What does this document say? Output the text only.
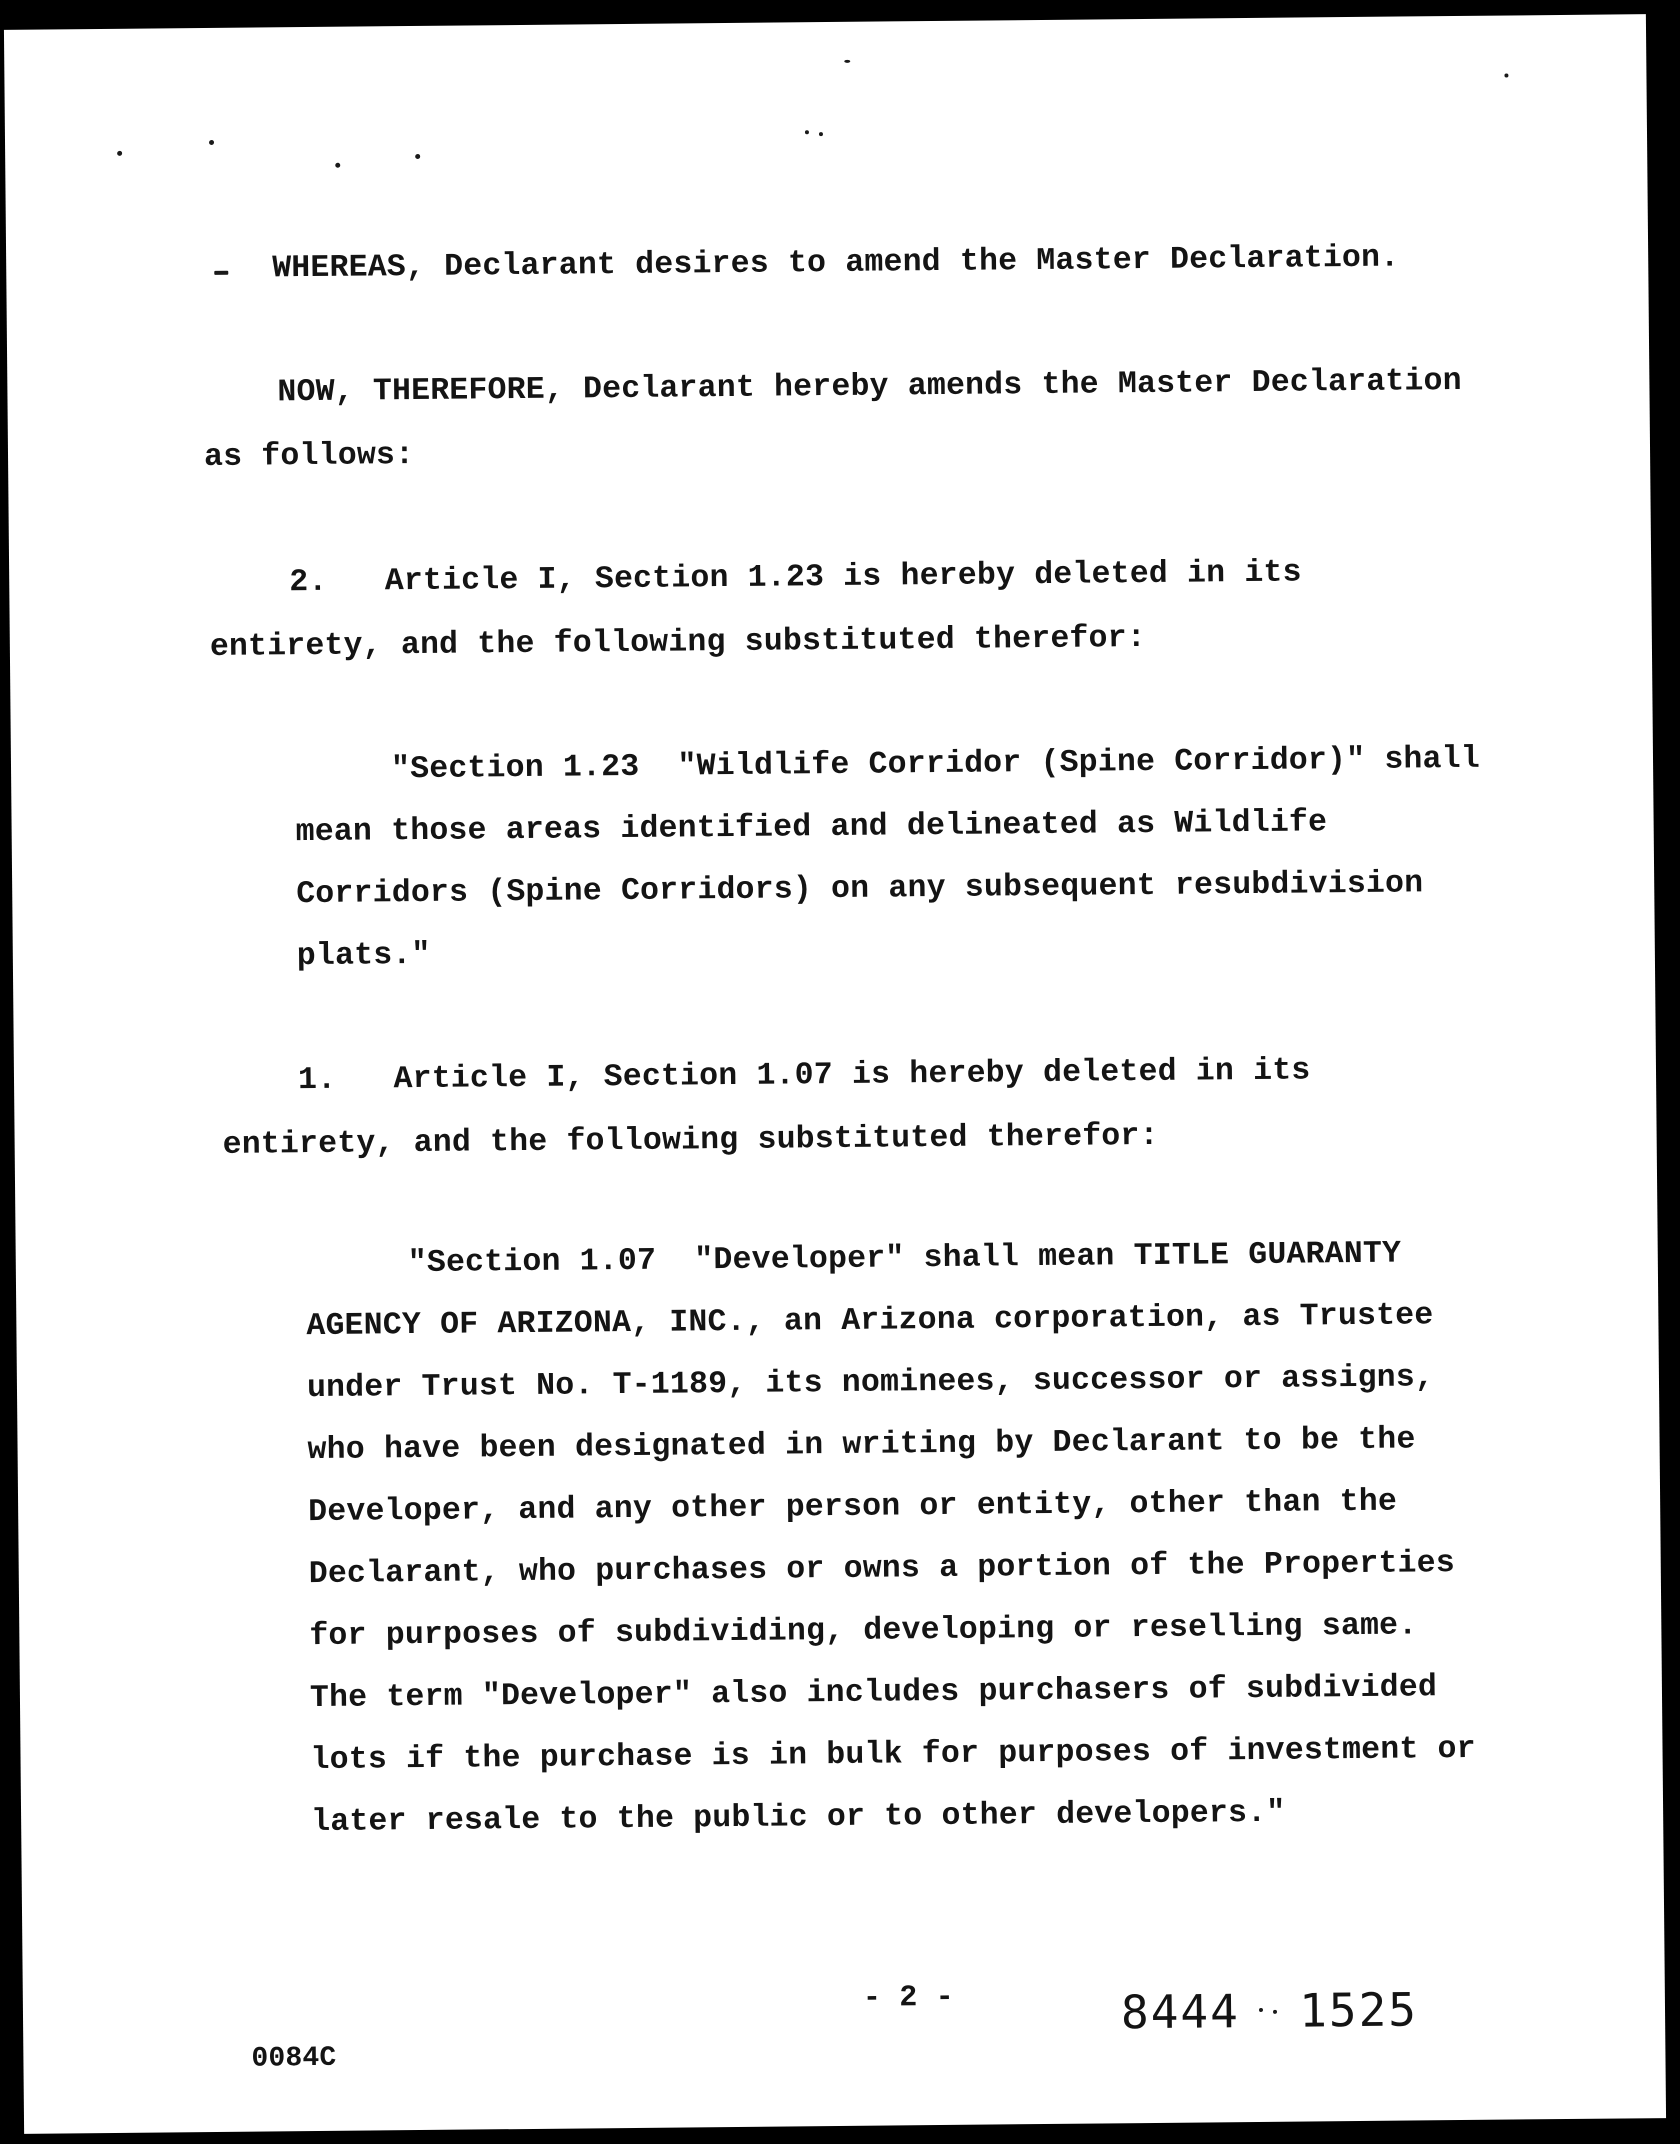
WHEREAS, Declarant desires to amend the Master Declaration.
NOW, THEREFORE, Declarant hereby amends the Master Declaration
as follows:
2.   Article I, Section 1.23 is hereby deleted in its
entirety, and the following substituted therefor:
"Section 1.23  "Wildlife Corridor (Spine Corridor)" shall
mean those areas identified and delineated as Wildlife
Corridors (Spine Corridors) on any subsequent resubdivision
plats."
1.   Article I, Section 1.07 is hereby deleted in its
entirety, and the following substituted therefor:
"Section 1.07  "Developer" shall mean TITLE GUARANTY
AGENCY OF ARIZONA, INC., an Arizona corporation, as Trustee
under Trust No. T-1189, its nominees, successor or assigns,
who have been designated in writing by Declarant to be the
Developer, and any other person or entity, other than the
Declarant, who purchases or owns a portion of the Properties
for purposes of subdividing, developing or reselling same.
The term "Developer" also includes purchasers of subdivided
lots if the purchase is in bulk for purposes of investment or
later resale to the public or to other developers."
- 2 -	8444  1525
0084C
